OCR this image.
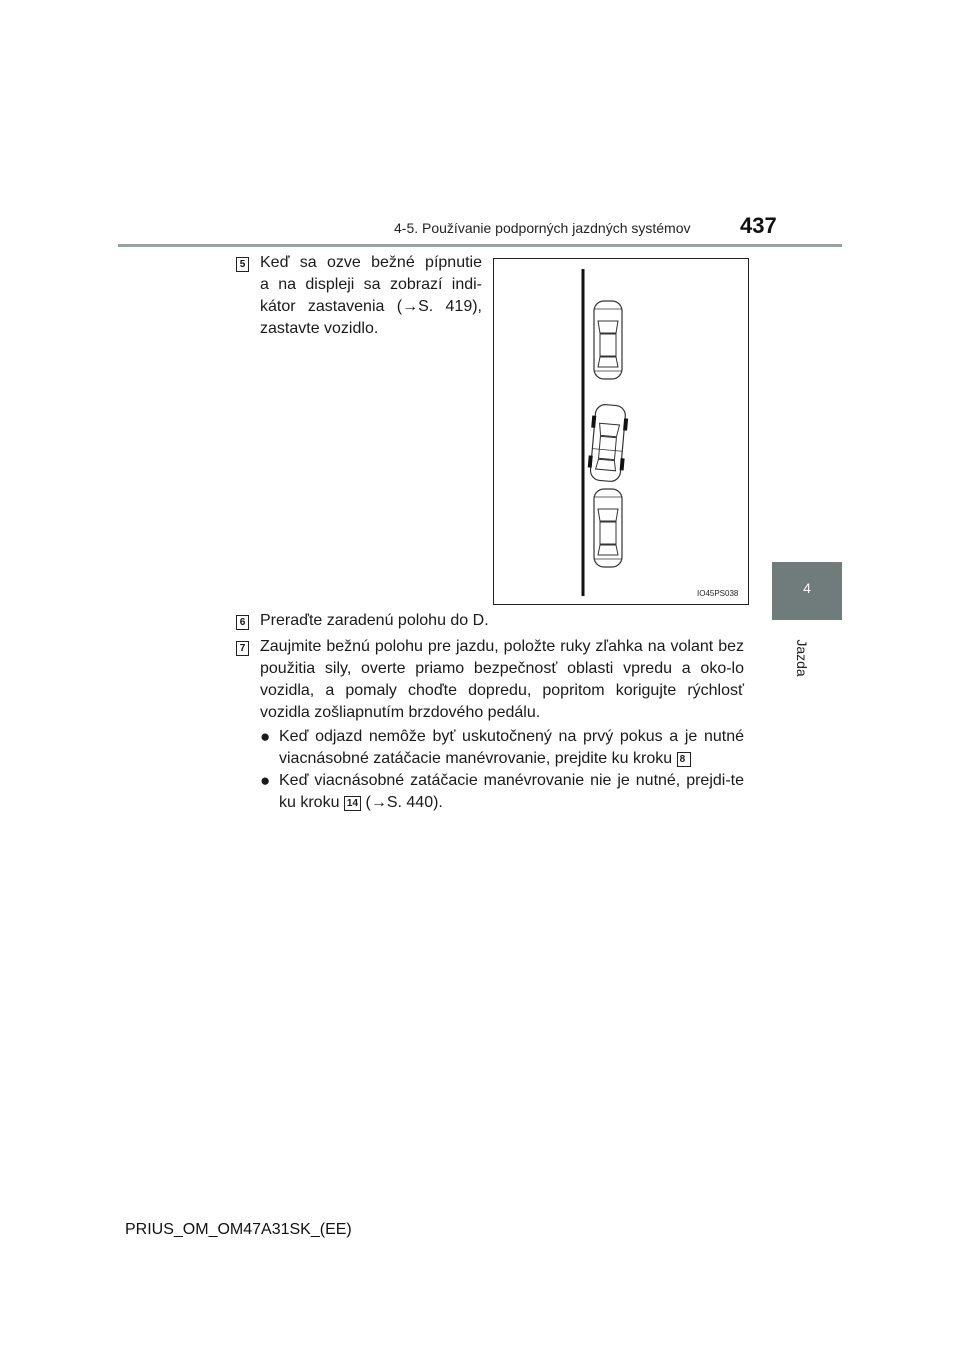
4-5. Používanie podporných jazdných systémov 437
4
Jazda
5 Keď sa ozve bežné pípnutie
a na displeji sa zobrazí indi-
kátor zastavenia (→S. 419),
zastavte vozidlo.
IO45PS038
6 Preraďte zaradenú polohu do D.
7 Zaujmite bežnú polohu pre jazdu, položte ruky zľahka na volant bez použitia sily, overte priamo bezpečnosť oblasti vpredu a oko-lo vozidla, a pomaly choďte dopredu, popritom korigujte rýchlosť vozidla zošliapnutím brzdového pedálu.
● Keď odjazd nemôže byť uskutočnený na prvý pokus a je nutné viacnásobné zatáčacie manévrovanie, prejdite ku kroku 8
● Keď viacnásobné zatáčacie manévrovanie nie je nutné, prejdi-te ku kroku 14 (→S. 440).
PRIUS_OM_OM47A31SK_(EE)
